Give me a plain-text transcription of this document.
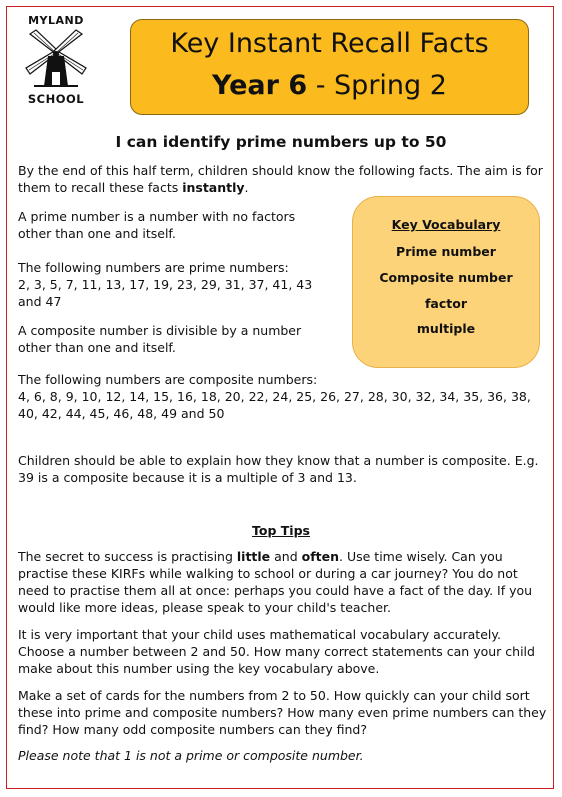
MYLAND
SCHOOL
Key Instant Recall Facts
Year 6 - Spring 2
I can identify prime numbers up to 50
By the end of this half term, children should know the following facts. The aim is for them to recall these facts instantly.
A prime number is a number with no factors other than one and itself.
The following numbers are prime numbers:
2, 3, 5, 7, 11, 13, 17, 19, 23, 29, 31, 37, 41, 43 and 47
A composite number is divisible by a number other than one and itself.
Key Vocabulary
Prime number
Composite number
factor
multiple
The following numbers are composite numbers:
4, 6, 8, 9, 10, 12, 14, 15, 16, 18, 20, 22, 24, 25, 26, 27, 28, 30, 32, 34, 35, 36, 38, 40, 42, 44, 45, 46, 48, 49 and 50
Children should be able to explain how they know that a number is composite. E.g. 39 is a composite because it is a multiple of 3 and 13.
Top Tips
The secret to success is practising little and often. Use time wisely. Can you practise these KIRFs while walking to school or during a car journey? You do not need to practise them all at once: perhaps you could have a fact of the day. If you would like more ideas, please speak to your child's teacher.
It is very important that your child uses mathematical vocabulary accurately. Choose a number between 2 and 50. How many correct statements can your child make about this number using the key vocabulary above.
Make a set of cards for the numbers from 2 to 50. How quickly can your child sort these into prime and composite numbers? How many even prime numbers can they find? How many odd composite numbers can they find?
Please note that 1 is not a prime or composite number.
